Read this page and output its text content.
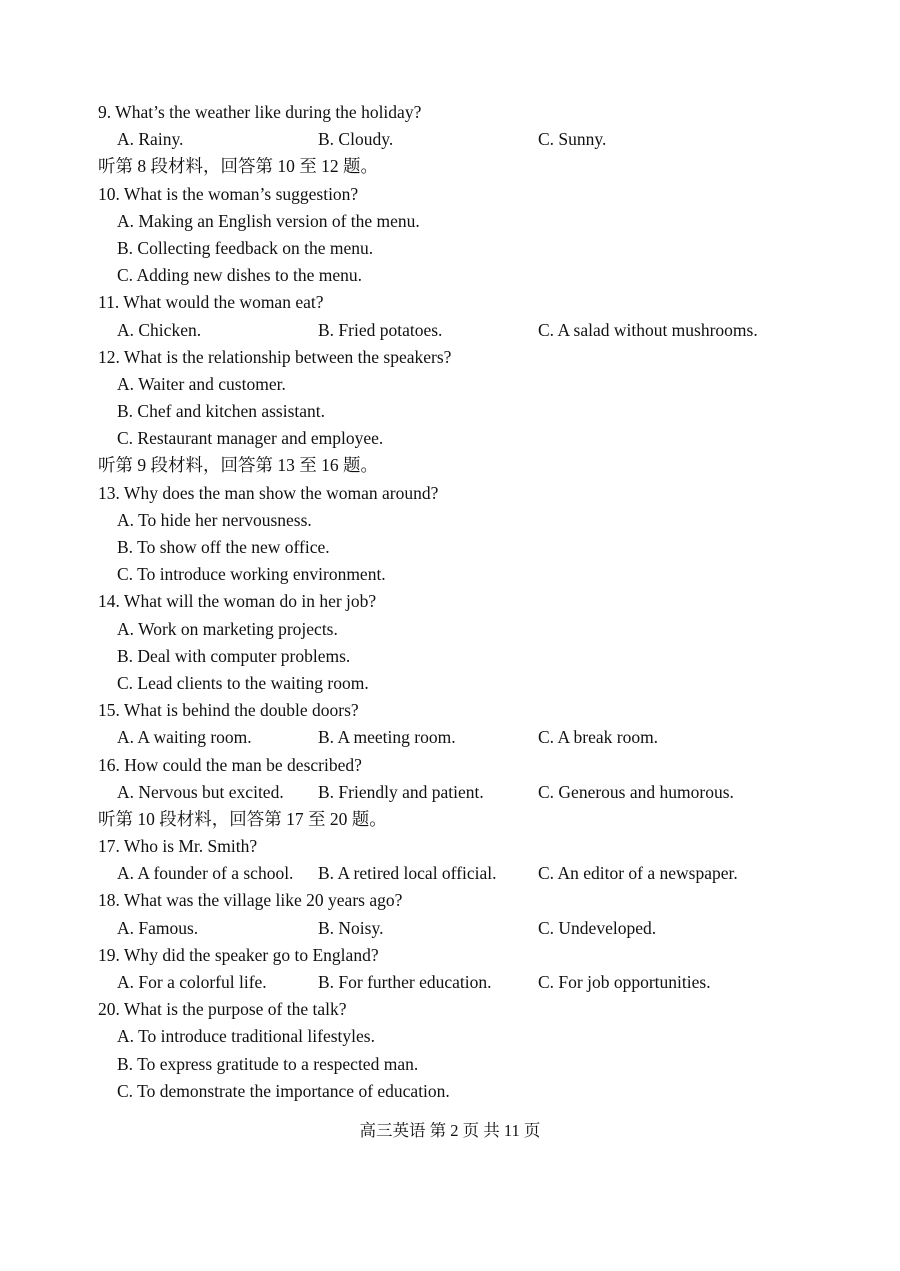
9. What’s the weather like during the holiday?
A. Rainy.	B. Cloudy.	C. Sunny.
听第 8 段材料，回答第 10 至 12 题。
10. What is the woman’s suggestion?
A. Making an English version of the menu.
B. Collecting feedback on the menu.
C. Adding new dishes to the menu.
11. What would the woman eat?
A. Chicken.	B. Fried potatoes.	C. A salad without mushrooms.
12. What is the relationship between the speakers?
A. Waiter and customer.
B. Chef and kitchen assistant.
C. Restaurant manager and employee.
听第 9 段材料，回答第 13 至 16 题。
13. Why does the man show the woman around?
A. To hide her nervousness.
B. To show off the new office.
C. To introduce working environment.
14. What will the woman do in her job?
A. Work on marketing projects.
B. Deal with computer problems.
C. Lead clients to the waiting room.
15. What is behind the double doors?
A. A waiting room.	B. A meeting room.	C. A break room.
16. How could the man be described?
A. Nervous but excited. B. Friendly and patient.	C. Generous and humorous.
听第 10 段材料，回答第 17 至 20 题。
17. Who is Mr. Smith?
A. A founder of a school. B. A retired local official. C. An editor of a newspaper.
18. What was the village like 20 years ago?
A. Famous.	B. Noisy.	C. Undeveloped.
19. Why did the speaker go to England?
A. For a colorful life.	B. For further education.	C. For job opportunities.
20. What is the purpose of the talk?
A. To introduce traditional lifestyles.
B. To express gratitude to a respected man.
C. To demonstrate the importance of education.
高三英语 第 2 页 共 11 页
